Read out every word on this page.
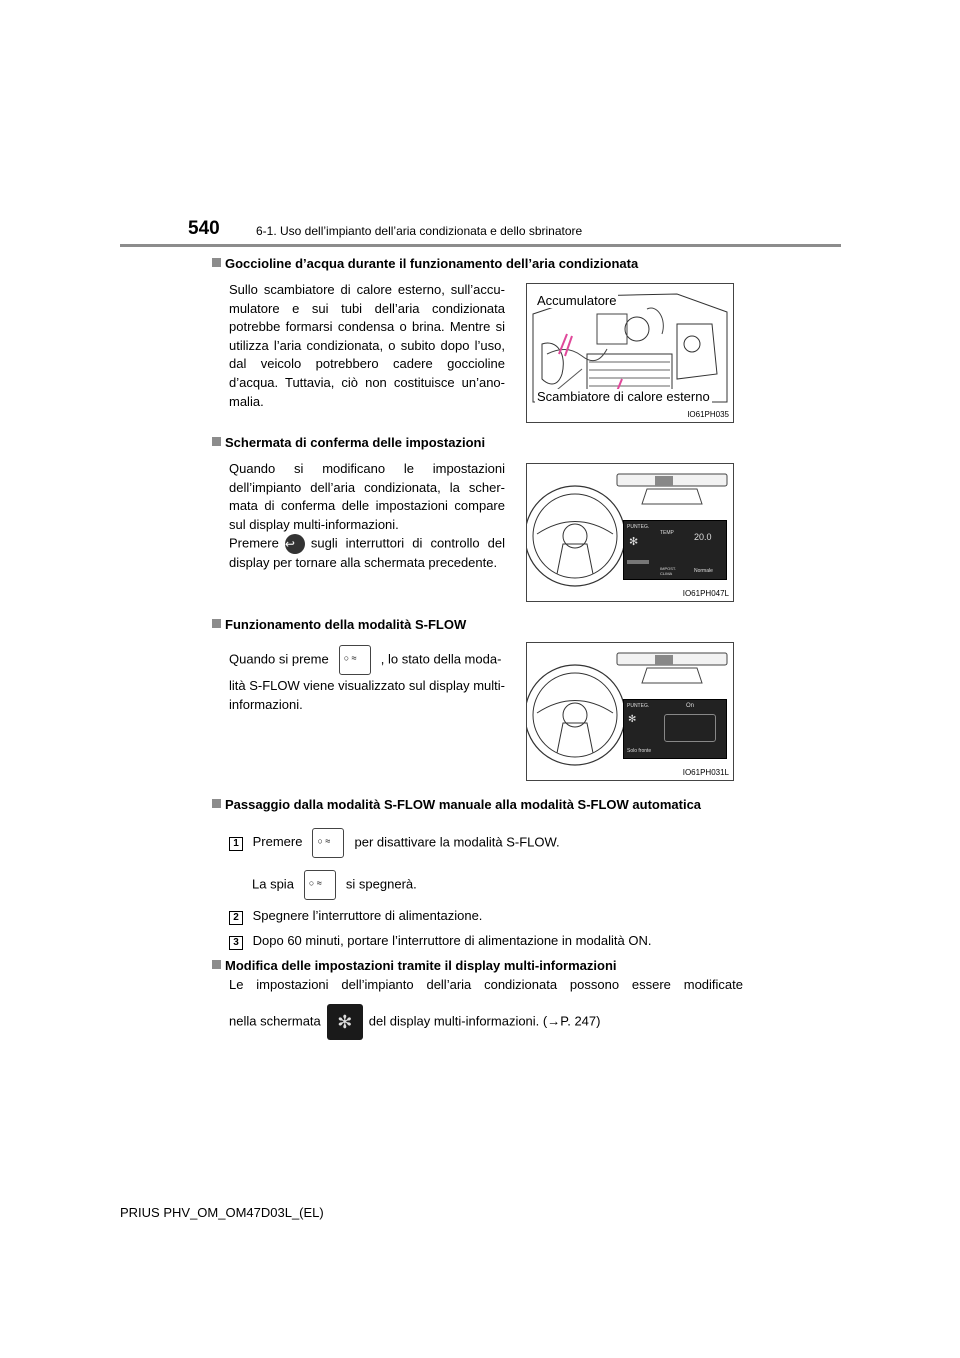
540	6-1. Uso dell’impianto dell’aria condizionata e dello sbrinatore
Goccioline d’acqua durante il funzionamento dell’aria condizionata
Sullo scambiatore di calore esterno, sull’accumulatore e sui tubi dell’aria condizionata potrebbe formarsi condensa o brina. Mentre si utilizza l’aria condizionata, o subito dopo l’uso, dal veicolo potrebbero cadere goccioline d’acqua. Tuttavia, ciò non costituisce un’anomalia.
Accumulatore
Scambiatore di calore esterno
IO61PH035
Schermata di conferma delle impostazioni
Quando si modificano le impostazioni dell’impianto dell’aria condizionata, la schermata di conferma delle impostazioni compare sul display multi-informazioni.
Premere ↩ sugli interruttori di controllo del display per tornare alla schermata precedente.
PUNTEG.
✻
TEMP 20.0
IMPOST. CLIMA	Normale
IO61PH047L
Funzionamento della modalità S-FLOW
Quando si preme ○ ≈ , lo stato della moda-
lità S-FLOW viene visualizzato sul display multi-informazioni.	PUNTEG.
✻
On
Solo fronte
IO61PH031L
Passaggio dalla modalità S-FLOW manuale alla modalità S-FLOW automatica
1 Premere ○ ≈ per disattivare la modalità S-FLOW.
La spia ○ ≈ si spegnerà.
2 Spegnere l’interruttore di alimentazione.
3 Dopo 60 minuti, portare l’interruttore di alimentazione in modalità ON.
Modifica delle impostazioni tramite il display multi-informazioni
Le impostazioni dell’impianto dell’aria condizionata possono essere modificate
nella schermata ✻ del display multi-informazioni. (→P. 247)
PRIUS PHV_OM_OM47D03L_(EL)
